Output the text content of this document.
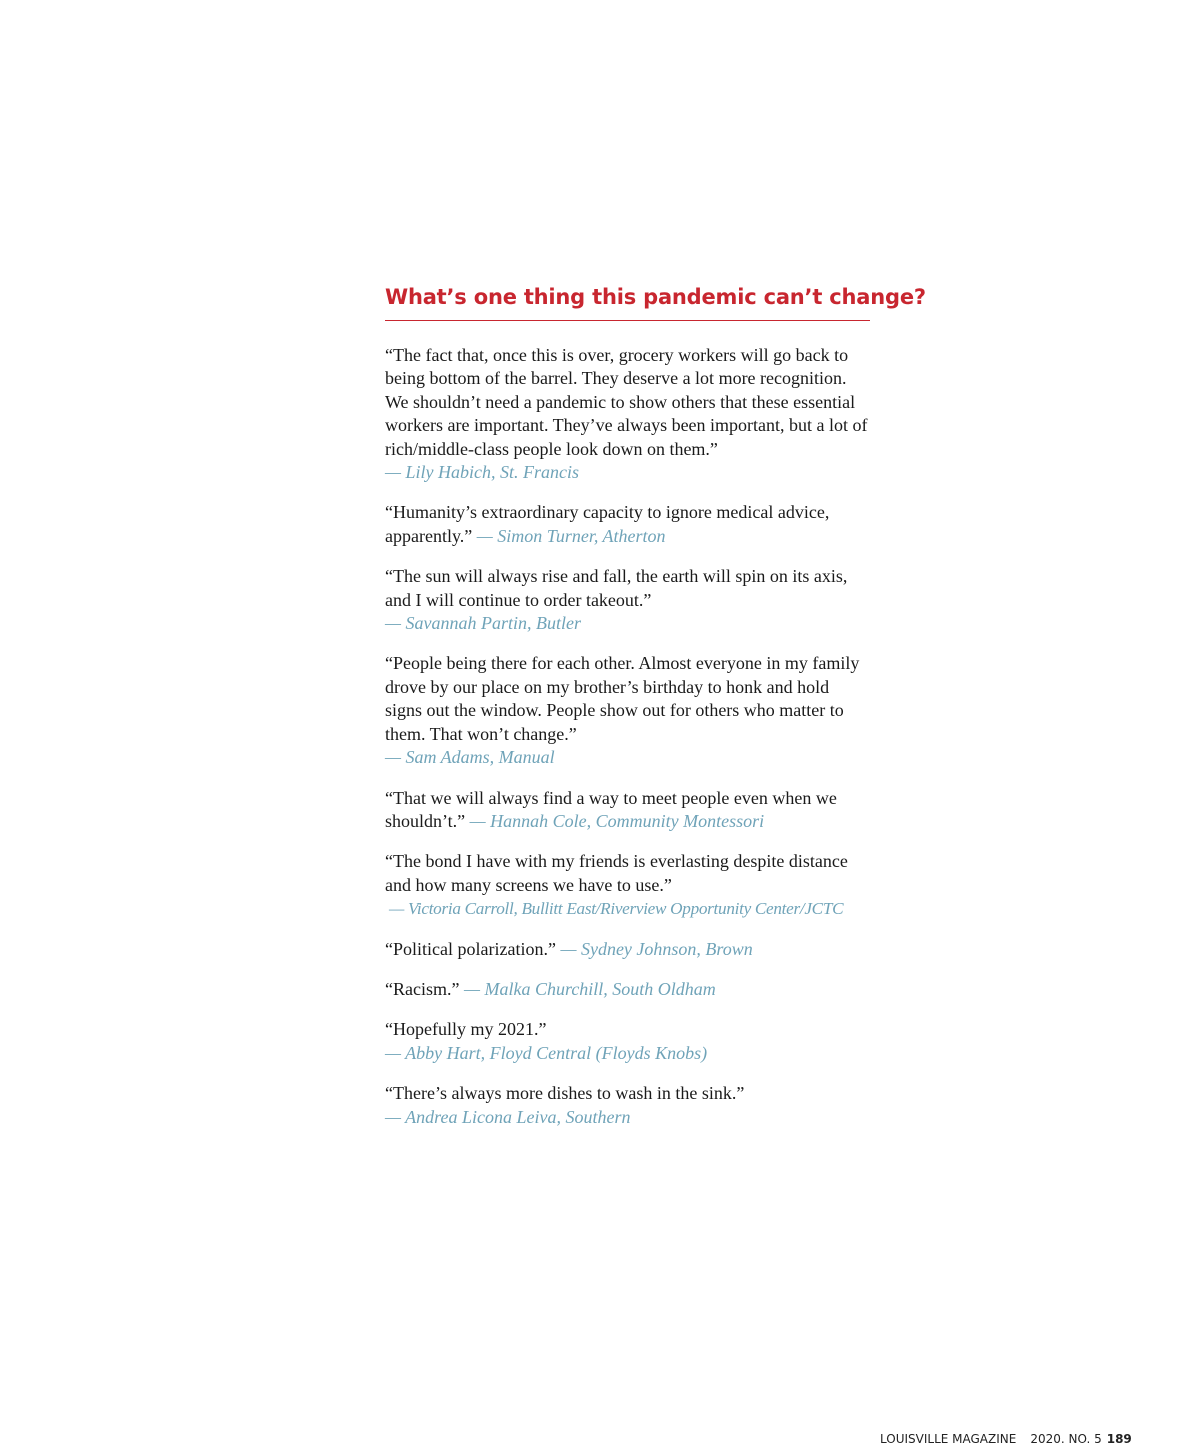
What’s one thing this pandemic can’t change?

“The fact that, once this is over, grocery workers will go back to being bottom of the barrel. They deserve a lot more recognition. We shouldn’t need a pandemic to show others that these essential workers are important. They’ve always been important, but a lot of rich/middle-class people look down on them.”
— Lily Habich, St. Francis

“Humanity’s extraordinary capacity to ignore medical advice, apparently.” — Simon Turner, Atherton

“The sun will always rise and fall, the earth will spin on its axis, and I will continue to order takeout.”
— Savannah Partin, Butler

“People being there for each other. Almost everyone in my family drove by our place on my brother’s birthday to honk and hold signs out the window. People show out for others who matter to them. That won’t change.”
— Sam Adams, Manual

“That we will always find a way to meet people even when we shouldn’t.” — Hannah Cole, Community Montessori

“The bond I have with my friends is everlasting despite distance and how many screens we have to use.”
— Victoria Carroll, Bullitt East/Riverview Opportunity Center/JCTC

“Political polarization.” — Sydney Johnson, Brown

“Racism.” — Malka Churchill, South Oldham

“Hopefully my 2021.”
— Abby Hart, Floyd Central (Floyds Knobs)

“There’s always more dishes to wash in the sink.”
— Andrea Licona Leiva, Southern

LOUISVILLE MAGAZINE 2020. NO. 5 189
